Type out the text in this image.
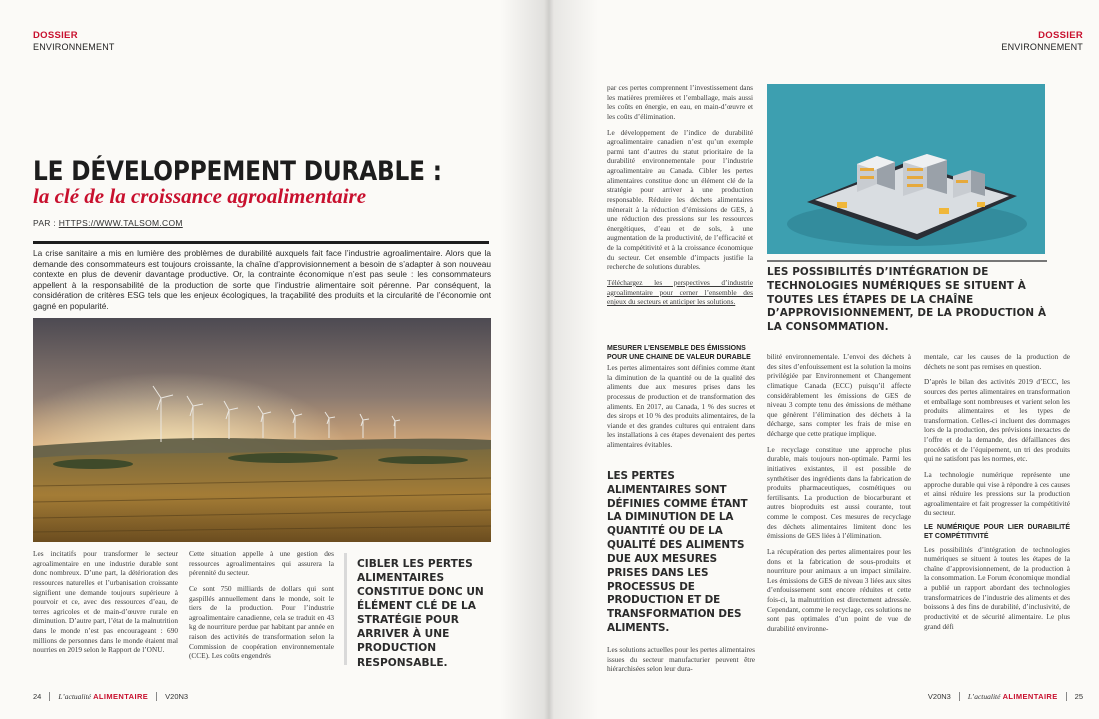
DOSSIER
ENVIRONNEMENT
LE DÉVELOPPEMENT DURABLE :
la clé de la croissance agroalimentaire
PAR : HTTPS://WWW.TALSOM.COM
La crise sanitaire a mis en lumière des problèmes de durabilité auxquels fait face l’industrie agroalimentaire. Alors que la demande des consommateurs est toujours croissante, la chaîne d’approvisionnement a besoin de s’adapter à son nouveau contexte en plus de devenir davantage productive. Or, la contrainte économique n’est pas seule : les consommateurs appellent à la responsabilité de la production de sorte que l’industrie alimentaire soit pérenne. Par conséquent, la considération de critères ESG tels que les enjeux écologiques, la traçabilité des produits et la circularité de l’économie ont gagné en popularité.

Les incitatifs pour transformer le secteur agroalimentaire en une industrie durable sont donc nombreux. D’une part, la détérioration des ressources naturelles et l’urbanisation croissante signifient une demande toujours supérieure à pourvoir et ce, avec des ressources d’eau, de terres agricoles et de main-d’œuvre rurale en diminution. D’autre part, l’état de la malnutrition dans le monde n’est pas encourageant : 690 millions de personnes dans le monde étaient mal nourries en 2019 selon le Rapport de l’ONU.

Cette situation appelle à une gestion des ressources agroalimentaires qui assurera la pérennité du secteur.

Ce sont 750 milliards de dollars qui sont gaspillés annuellement dans le monde, soit le tiers de la production. Pour l’industrie agroalimentaire canadienne, cela se traduit en 43 kg de nourriture perdue par habitant par année en raison des activités de transformation selon la Commission de coopération environnementale (CCE). Les coûts engendrés

CIBLER LES PERTES ALIMENTAIRES CONSTITUE DONC UN ÉLÉMENT CLÉ DE LA STRATÉGIE POUR ARRIVER À UNE PRODUCTION RESPONSABLE.
24 L’actualité ALIMENTAIRE V20N3
DOSSIER
ENVIRONNEMENT

par ces pertes comprennent l’investissement dans les matières premières et l’emballage, mais aussi les coûts en énergie, en eau, en main-d’œuvre et les coûts d’élimination.

Le développement de l’indice de durabilité agroalimentaire canadien n’est qu’un exemple parmi tant d’autres du statut prioritaire de la durabilité environnementale pour l’industrie agroalimentaire au Canada. Cibler les pertes alimentaires constitue donc un élément clé de la stratégie pour arriver à une production responsable. Réduire les déchets alimentaires mènerait à la réduction d’émissions de GES, à une réduction des pressions sur les ressources énergétiques, d’eau et de sols, à une augmentation de la productivité, de l’efficacité et de la compétitivité et à la croissance économique du secteur. Cet ensemble d’impacts justifie la recherche de solutions durables.

Téléchargez les perspectives d’industrie agroalimentaire pour cerner l’ensemble des enjeux du secteurs et anticiper les solutions.

LES POSSIBILITÉS D’INTÉGRATION DE TECHNOLOGIES NUMÉRIQUES SE SITUENT À TOUTES LES ÉTAPES DE LA CHAÎNE D’APPROVISIONNEMENT, DE LA PRODUCTION À LA CONSOMMATION.
MESURER L’ENSEMBLE DES ÉMISSIONS POUR UNE CHAINE DE VALEUR DURABLE

Les pertes alimentaires sont définies comme étant la diminution de la quantité ou de la qualité des aliments due aux mesures prises dans les processus de production et de transformation des aliments. En 2017, au Canada, 1 % des sucres et des sirops et 10 % des produits alimentaires, de la viande et des grandes cultures qui entraient dans les installations à ces étapes devenaient des pertes alimentaires évitables.

LES PERTES ALIMENTAIRES SONT DÉFINIES COMME ÉTANT LA DIMINUTION DE LA QUANTITÉ OU DE LA QUALITÉ DES ALIMENTS DUE AUX MESURES PRISES DANS LES PROCESSUS DE PRODUCTION ET DE TRANSFORMATION DES ALIMENTS.

Les solutions actuelles pour les pertes alimentaires issues du secteur manufacturier peuvent être hiérarchisées selon leur dura-

bilité environnementale. L’envoi des déchets à des sites d’enfouissement est la solution la moins privilégiée par Environnement et Changement climatique Canada (ECC) puisqu’il affecte considérablement les émissions de GES de niveau 3 compte tenu des émissions de méthane que génèrent l’élimination des déchets à la décharge, sans compter les frais de mise en décharge que cette pratique implique.

Le recyclage constitue une approche plus durable, mais toujours non-optimale. Parmi les initiatives existantes, il est possible de synthétiser des ingrédients dans la fabrication de produits pharmaceutiques, cosmétiques ou fertilisants. La production de biocarburant et autres bioproduits est aussi courante, tout comme le compost. Ces mesures de recyclage des déchets alimentaires limitent donc les émissions de GES liées à l’élimination.

La récupération des pertes alimentaires pour les dons et la fabrication de sous-produits et nourriture pour animaux a un impact similaire. Les émissions de GES de niveau 3 liées aux sites d’enfouissement sont encore réduites et cette fois-ci, la malnutrition est directement adressée. Cependant, comme le recyclage, ces solutions ne sont pas optimales d’un point de vue de durabilité environne-

mentale, car les causes de la production de déchets ne sont pas remises en question.

D’après le bilan des activités 2019 d’ECC, les sources des pertes alimentaires en transformation et emballage sont nombreuses et varient selon les produits alimentaires et les types de transformation. Celles-ci incluent des dommages lors de la production, des prévisions inexactes de l’offre et de la demande, des défaillances des procédés et de l’équipement, un tri des produits qui ne satisfont pas les normes, etc.

La technologie numérique représente une approche durable qui vise à répondre à ces causes et ainsi réduire les pressions sur la production agroalimentaire et fait progresser la compétitivité du secteur.

LE NUMÉRIQUE POUR LIER DURABILITÉ ET COMPÉTITIVITÉ

Les possibilités d’intégration de technologies numériques se situent à toutes les étapes de la chaîne d’approvisionnement, de la production à la consommation. Le Forum économique mondial a publié un rapport abordant des technologies transformatrices de l’industrie des aliments et des boissons à des fins de durabilité, d’inclusivité, de productivité et de sécurité alimentaire. Le plus grand défi

V20N3 L’actualité ALIMENTAIRE 25
